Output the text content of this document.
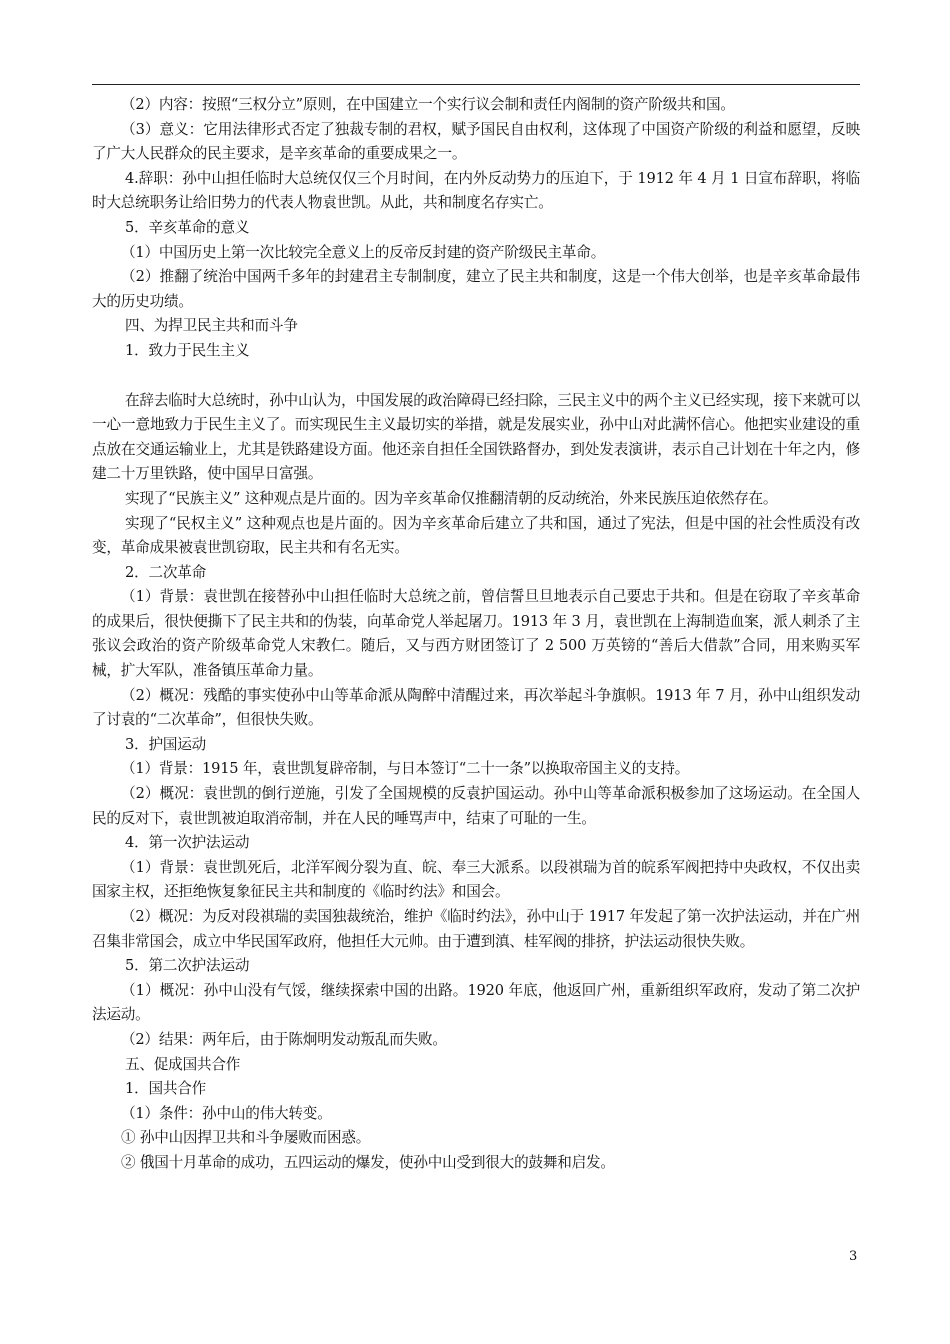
（2）内容：按照“三权分立”原则，在中国建立一个实行议会制和责任内阁制的资产阶级共和国。

（3）意义：它用法律形式否定了独裁专制的君权，赋予国民自由权利，这体现了中国资产阶级的利益和愿望，反映了广大人民群众的民主要求，是辛亥革命的重要成果之一。

4.辞职：孙中山担任临时大总统仅仅三个月时间，在内外反动势力的压迫下，于 1912 年 4 月 1 日宣布辞职，将临时大总统职务让给旧势力的代表人物袁世凯。从此，共和制度名存实亡。

5．辛亥革命的意义

（1）中国历史上第一次比较完全意义上的反帝反封建的资产阶级民主革命。

（2）推翻了统治中国两千多年的封建君主专制制度，建立了民主共和制度，这是一个伟大创举，也是辛亥革命最伟大的历史功绩。

四、为捍卫民主共和而斗争

1．致力于民生主义

在辞去临时大总统时，孙中山认为，中国发展的政治障碍已经扫除，三民主义中的两个主义已经实现，接下来就可以一心一意地致力于民生主义了。而实现民生主义最切实的举措，就是发展实业，孙中山对此满怀信心。他把实业建设的重点放在交通运输业上，尤其是铁路建设方面。他还亲自担任全国铁路督办，到处发表演讲，表示自己计划在十年之内，修建二十万里铁路，使中国早日富强。

实现了“民族主义” 这种观点是片面的。因为辛亥革命仅推翻清朝的反动统治，外来民族压迫依然存在。

实现了“民权主义” 这种观点也是片面的。因为辛亥革命后建立了共和国，通过了宪法，但是中国的社会性质没有改变，革命成果被袁世凯窃取，民主共和有名无实。

2．二次革命

（1）背景：袁世凯在接替孙中山担任临时大总统之前，曾信誓旦旦地表示自己要忠于共和。但是在窃取了辛亥革命的成果后，很快便撕下了民主共和的伪装，向革命党人举起屠刀。1913 年 3 月，袁世凯在上海制造血案，派人刺杀了主张议会政治的资产阶级革命党人宋教仁。随后，又与西方财团签订了 2 500 万英镑的“善后大借款”合同，用来购买军械，扩大军队，准备镇压革命力量。

（2）概况：残酷的事实使孙中山等革命派从陶醉中清醒过来，再次举起斗争旗帜。1913 年 7 月，孙中山组织发动了讨袁的“二次革命”，但很快失败。

3．护国运动

（1）背景：1915 年，袁世凯复辟帝制，与日本签订“二十一条”以换取帝国主义的支持。

（2）概况：袁世凯的倒行逆施，引发了全国规模的反袁护国运动。孙中山等革命派积极参加了这场运动。在全国人民的反对下，袁世凯被迫取消帝制，并在人民的唾骂声中，结束了可耻的一生。

4．第一次护法运动

（1）背景：袁世凯死后，北洋军阀分裂为直、皖、奉三大派系。以段祺瑞为首的皖系军阀把持中央政权，不仅出卖国家主权，还拒绝恢复象征民主共和制度的《临时约法》和国会。

（2）概况：为反对段祺瑞的卖国独裁统治，维护《临时约法》，孙中山于 1917 年发起了第一次护法运动，并在广州召集非常国会，成立中华民国军政府，他担任大元帅。由于遭到滇、桂军阀的排挤，护法运动很快失败。

5．第二次护法运动

（1）概况：孙中山没有气馁，继续探索中国的出路。1920 年底，他返回广州，重新组织军政府，发动了第二次护法运动。

（2）结果：两年后，由于陈炯明发动叛乱而失败。

五、促成国共合作

1．国共合作

（1）条件：孙中山的伟大转变。

① 孙中山因捍卫共和斗争屡败而困惑。

② 俄国十月革命的成功，五四运动的爆发，使孙中山受到很大的鼓舞和启发。

3
